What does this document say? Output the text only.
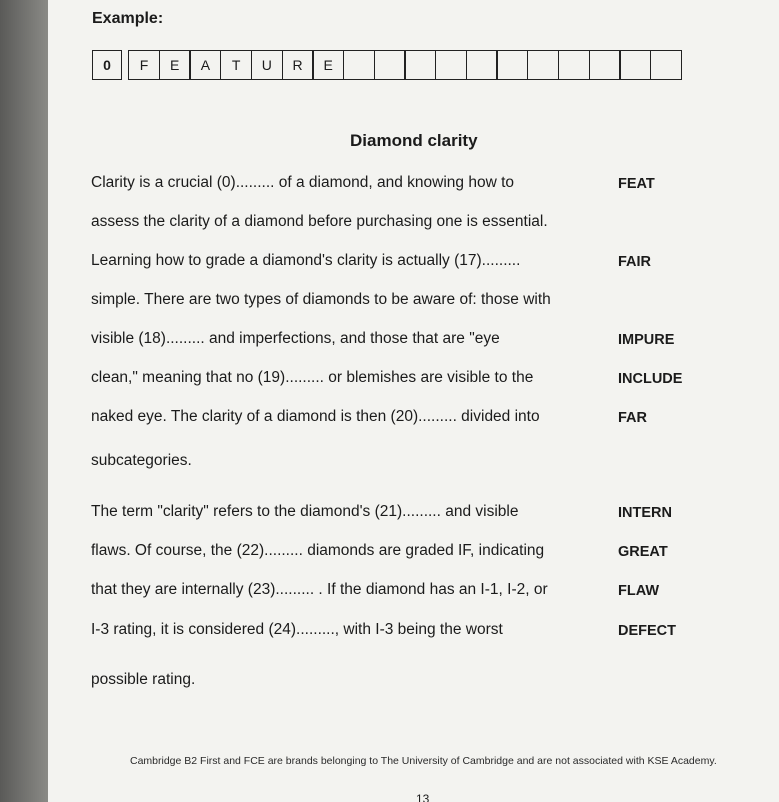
Example:
0	F	E	A	T	U	R	E
Diamond clarity
Clarity is a crucial (0)......... of a diamond, and knowing how to
assess the clarity of a diamond before purchasing one is essential.
Learning how to grade a diamond's clarity is actually (17).........
simple. There are two types of diamonds to be aware of: those with
visible (18)......... and imperfections, and those that are "eye
clean," meaning that no (19)......... or blemishes are visible to the
naked eye. The clarity of a diamond is then (20)......... divided into
subcategories.
The term "clarity" refers to the diamond's (21)......... and visible
flaws. Of course, the (22)......... diamonds are graded IF, indicating
that they are internally (23)......... . If the diamond has an I-1, I-2, or
I-3 rating, it is considered (24)........., with I-3 being the worst
possible rating.
FEAT
FAIR
IMPURE
INCLUDE
FAR
INTERN
GREAT
FLAW
DEFECT
Cambridge B2 First and FCE are brands belonging to The University of Cambridge and are not associated with KSE Academy.
13
